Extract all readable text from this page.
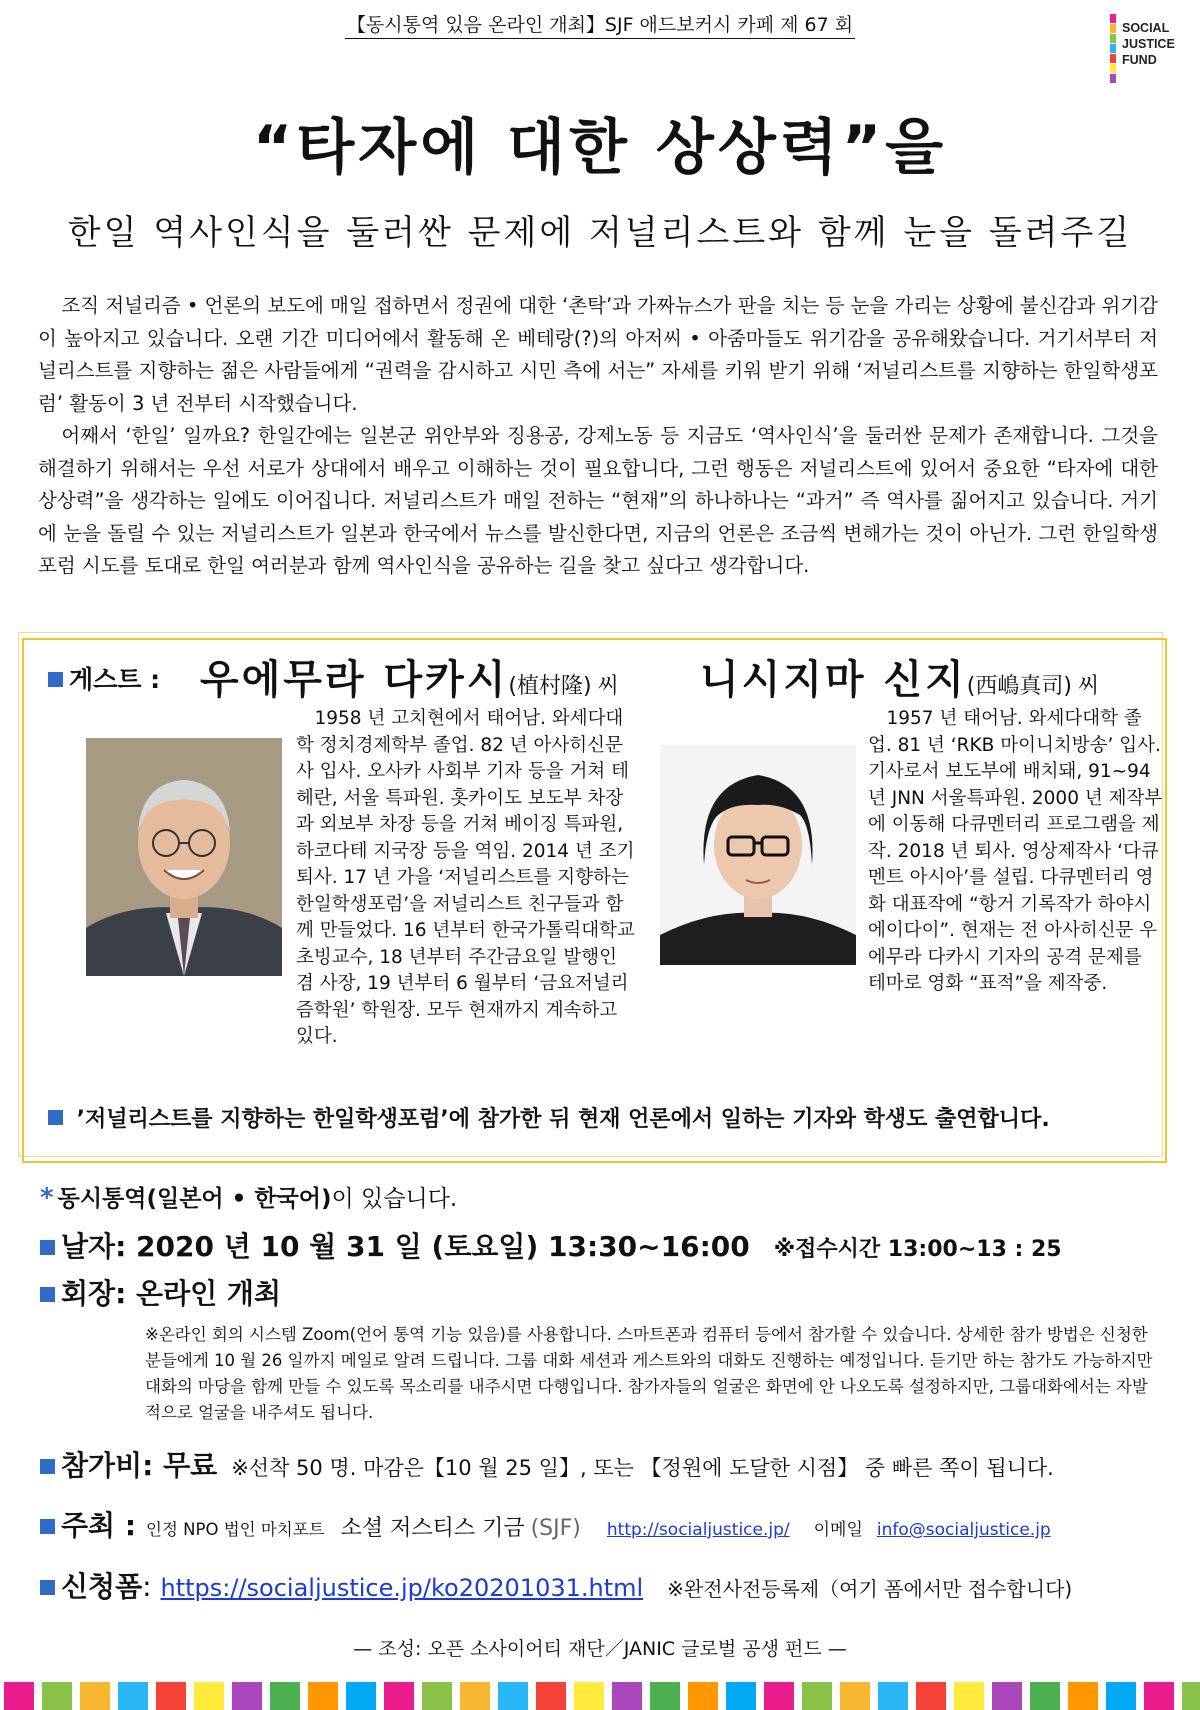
【동시통역 있음 온라인 개최】SJF 애드보커시 카페 제 67 회	SOCIAL
JUSTICE
FUND
“타자에 대한 상상력”을
한일 역사인식을 둘러싼 문제에 저널리스트와 함께 눈을 돌려주길

조직 저널리즘 • 언론의 보도에 매일 접하면서 정권에 대한 ‘촌탁’과 가짜뉴스가 판을 치는 등 눈을 가리는 상황에 불신감과 위기감이 높아지고 있습니다. 오랜 기간 미디어에서 활동해 온 베테랑(?)의 아저씨 • 아줌마들도 위기감을 공유해왔습니다. 거기서부터 저널리스트를 지향하는 젊은 사람들에게 “권력을 감시하고 시민 측에 서는” 자세를 키워 받기 위해 ‘저널리스트를 지향하는 한일학생포럼’ 활동이 3 년 전부터 시작했습니다.

어째서 ‘한일’ 일까요? 한일간에는 일본군 위안부와 징용공, 강제노동 등 지금도 ‘역사인식’을 둘러싼 문제가 존재합니다. 그것을 해결하기 위해서는 우선 서로가 상대에서 배우고 이해하는 것이 필요합니다, 그런 행동은 저널리스트에 있어서 중요한 “타자에 대한 상상력”을 생각하는 일에도 이어집니다. 저널리스트가 매일 전하는 “현재”의 하나하나는 “과거” 즉 역사를 짊어지고 있습니다. 거기에 눈을 돌릴 수 있는 저널리스트가 일본과 한국에서 뉴스를 발신한다면, 지금의 언론은 조금씩 변해가는 것이 아닌가. 그런 한일학생포럼 시도를 토대로 한일 여러분과 함께 역사인식을 공유하는 길을 찾고 싶다고 생각합니다.

게스트 : 우에무라 다카시(植村隆) 씨 니시지마 신지(西嶋真司) 씨

1958 년 고치현에서 태어남. 와세다대학 정치경제학부 졸업. 82 년 아사히신문사 입사. 오사카 사회부 기자 등을 거쳐 테헤란, 서울 특파원. 홋카이도 보도부 차장과 외보부 차장 등을 거쳐 베이징 특파원, 하코다테 지국장 등을 역임. 2014 년 조기 퇴사. 17 년 가을 ‘저널리스트를 지향하는 한일학생포럼’을 저널리스트 친구들과 함께 만들었다. 16 년부터 한국가톨릭대학교 초빙교수, 18 년부터 주간금요일 발행인 겸 사장, 19 년부터 6 월부터 ‘금요저널리즘학원’ 학원장. 모두 현재까지 계속하고 있다.

1957 년 태어남. 와세다대학 졸업. 81 년 ‘RKB 마이니치방송’ 입사. 기사로서 보도부에 배치돼, 91~94 년 JNN 서울특파원. 2000 년 제작부에 이동해 다큐멘터리 프로그램을 제작. 2018 년 퇴사. 영상제작사 ‘다큐멘트 아시아’를 설립. 다큐멘터리 영화 대표작에 “항거 기록작가 하야시 에이다이”. 현재는 전 아사히신문 우에무라 다카시 기자의 공격 문제를 테마로 영화 “표적”을 제작중.

’저널리스트를 지향하는 한일학생포럼’에 참가한 뒤 현재 언론에서 일하는 기자와 학생도 출연합니다.
* 동시통역(일본어 • 한국어)이 있습니다.
날자: 2020 년 10 월 31 일 (토요일) 13:30~16:00 ※접수시간 13:00~13 : 25
회장: 온라인 개최
※온라인 회의 시스템 Zoom(언어 통역 기능 있음)를 사용합니다. 스마트폰과 컴퓨터 등에서 참가할 수 있습니다. 상세한 참가 방법은 신청한 분들에게 10 월 26 일까지 메일로 알려 드립니다. 그룹 대화 세션과 게스트와의 대화도 진행하는 예정입니다. 듣기만 하는 참가도 가능하지만 대화의 마당을 함께 만들 수 있도록 목소리를 내주시면 다행입니다. 참가자들의 얼굴은 화면에 안 나오도록 설정하지만, 그룹대화에서는 자발적으로 얼굴을 내주셔도 됩니다.
참가비: 무료 ※선착 50 명. 마감은【10 월 25 일】, 또는 【정원에 도달한 시점】 중 빠른 쪽이 됩니다.
주최 : 인정 NPO 법인 마치포트 소셜 저스티스 기금 (SJF) http://socialjustice.jp/ 이메일 info@socialjustice.jp
신청폼: https://socialjustice.jp/ko20201031.html ※완전사전등록제（여기 폼에서만 접수합니다)
— 조성: 오픈 소사이어티 재단／JANIC 글로벌 공생 펀드 —
